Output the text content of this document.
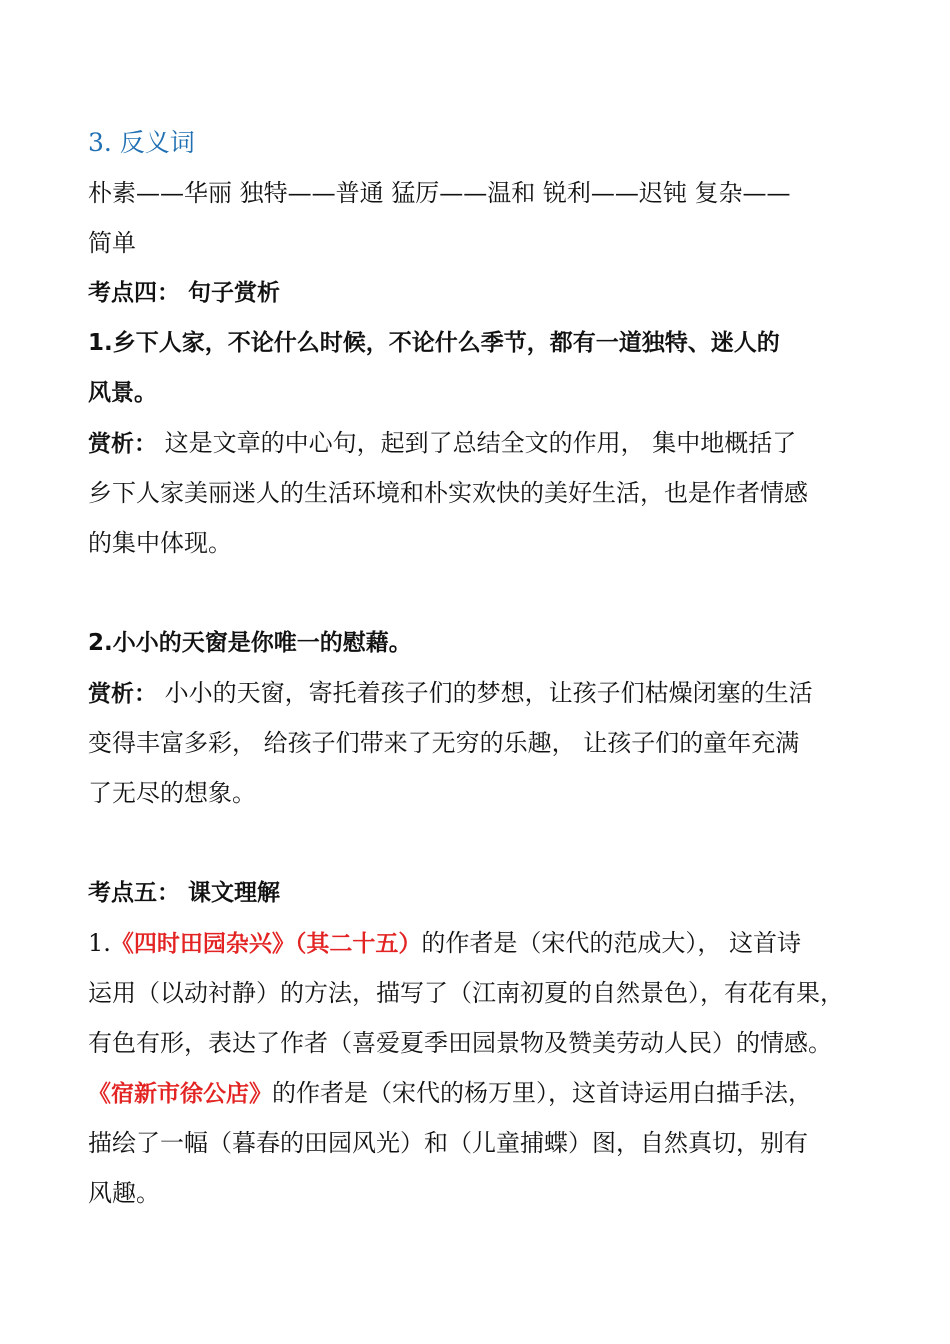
3. 反义词
朴素——华丽 独特——普通 猛厉——温和 锐利——迟钝 复杂——
简单
考点四： 句子赏析
1.乡下人家，不论什么时候，不论什么季节，都有一道独特、迷人的
风景。
赏析： 这是文章的中心句，起到了总结全文的作用， 集中地概括了
乡下人家美丽迷人的生活环境和朴实欢快的美好生活，也是作者情感
的集中体现。
2.小小的天窗是你唯一的慰藉。
赏析： 小小的天窗，寄托着孩子们的梦想，让孩子们枯燥闭塞的生活
变得丰富多彩， 给孩子们带来了无穷的乐趣， 让孩子们的童年充满
了无尽的想象。
考点五： 课文理解
1.《四时田园杂兴》（其二十五）的作者是（宋代的范成大）， 这首诗
运用（以动衬静）的方法，描写了（江南初夏的自然景色），有花有果，
有色有形，表达了作者（喜爱夏季田园景物及赞美劳动人民）的情感。
《宿新市徐公店》的作者是（宋代的杨万里），这首诗运用白描手法，
描绘了一幅（暮春的田园风光）和（儿童捕蝶）图，自然真切，别有
风趣。
